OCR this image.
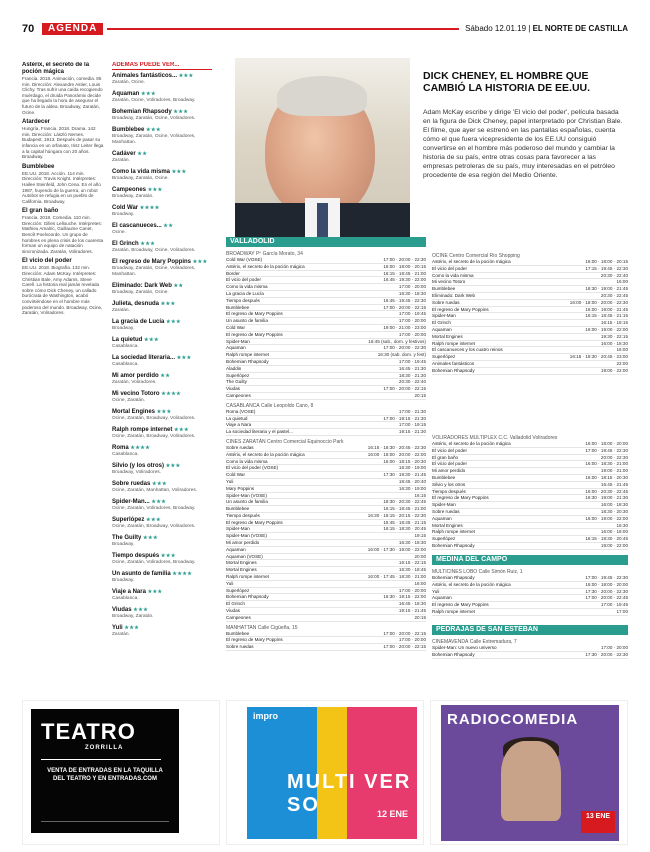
70	AGENDA	Sábado 12.01.19 | EL NORTE DE CASTILLA
Astérix, el secreto de la poción mágica
Francia. 2018. Animación, comedia. 85 min. Dirección: Alexandre Astier, Louis Clichy. Tras sufrir una caída recogiendo muérdago, el druida Panorámix decide que ha llegado la hora de asegurar el futuro de la aldea. Broadway, Zaratán, Ocine.
Atardecer
Hungría, Francia. 2018. Drama. 142 min. Dirección: László Nemes. Budapest, 1913. Después de pasar su infancia en un orfanato, Irisz Leiter llega a la capital húngara con 20 años. Broadway.
Bumblebee
EE.UU. 2018. Acción. 114 min. Dirección: Travis Knight. Intérpretes: Hailee Steinfeld, John Cena. En el año 1987, huyendo de la guerra, un robot Autobot se refugia en un pueblo de California. Broadway.
El gran baño
Francia. 2018. Comedia. 110 min. Dirección: Gilles Lellouche. Intérpretes: Mathieu Amalric, Guillaume Canet, Benoît Poelvoorde. Un grupo de hombres en plena crisis de los cuarenta forman un equipo de natación sincronizada. Zaratán, Voliradores.
El vicio del poder
EE.UU. 2018. Biografía. 132 min. Dirección: Adam McKay. Intérpretes: Christian Bale, Amy Adams, Steve Carell. La historia real jamás revelada sobre cómo Dick Cheney, un callado burócrata de Washington, acabó convirtiéndose en el hombre más poderoso del mundo. Broadway, Ocine, Zaratán, Voliradores.
ADEMÁS PUEDE VER...
Animales fantásticos... ★★★
Zaratán, Ocine.
Aquaman ★★★
Zaratán, Ocine, Voliradores, Broadway.
Bohemian Rhapsody ★★★
Broadway, Zaratán, Ocine, Voliradores.
Bumblebee ★★★
Broadway, Zaratán, Ocine, Voliradores, Manhattan.
Cadáver ★★
Zaratán.
Como la vida misma ★★★
Broadway, Zaratán, Ocine.
Campeones ★★★
Broadway, Zaratán.
Cold War ★★★★
Broadway.
El cascanueces... ★★
Ocine.
El Grinch ★★★
Zaratán, Broadway, Ocine, Voliradores.
El regreso de Mary Poppins ★★★
Broadway, Zaratán, Ocine, Voliradores, Manhattan.
Eliminado: Dark Web ★★
Broadway, Zaratán, Ocine.
Julieta, desnuda ★★★
Zaratán.
La gracia de Lucía ★★★
Broadway.
La quietud ★★★
Casablanca.
La sociedad literaria... ★★★
Casablanca.
Mi amor perdido ★★
Zaratán, Voliradores.
Mi vecino Totoro ★★★★
Ocine, Zaratán.
Mortal Engines ★★★
Ocine, Zaratán, Broadway, Voliradores.
Ralph rompe internet ★★★
Ocine, Zaratán, Broadway, Voliradores.
Roma ★★★★
Casablanca.
Silvio (y los otros) ★★★
Broadway, Voliradores.
Sobre ruedas ★★★
Ocine, Zaratán, Manhattan, Voliradores.
Spider-Man... ★★★
Ocine, Zaratán, Voliradores, Broadway.
Superlópez ★★★
Ocine, Zaratán, Broadway, Voliradores.
The Guilty ★★★
Broadway.
Tiempo después ★★★
Ocine, Zaratán, Voliradores, Broadway.
Un asunto de familia ★★★★
Broadway.
Viaje a Nara ★★★
Casablanca.
Viudas ★★★
Broadway, Zaratán.
Yuli ★★★
Zaratán.
DICK CHENEY, EL HOMBRE QUE CAMBIÓ LA HISTORIA DE EE.UU.
Adam McKay escribe y dirige 'El vicio del poder', película basada en la figura de Dick Cheney, papel interpretado por Christian Bale. El filme, que ayer se estrenó en las pantallas españolas, cuenta cómo el que fuera vicepresidente de los EE.UU consiguió convertirse en el hombre más poderoso del mundo y cambiar la historia de su país, entre otras cosas para favorecer a las empresas petroleras de su país, muy interesadas en el petróleo procedente de esa región del Medio Oriente.
VALLADOLID
BROADWAY Pº García Morato, 34
Cold War (VOSE)	17:00 · 20:00 · 22:30
Astérix, el secreto de la poción mágica	16:00 · 18:00 · 20:15
Border	16:15 · 18:45 · 21:00
El vicio del poder	16:45 · 19:30 · 22:00
Como la vida misma	17:00 · 20:00
La gracia de Lucía	16:30 · 18:30
Tiempo después	16:45 · 19:45 · 22:30
Bumblebee	17:00 · 20:00 · 22:15
El regreso de Mary Poppins	17:00 · 19:45
Un asunto de familia	17:00 · 20:00
Cold War	19:00 · 21:00 · 23:00
El regreso de Mary Poppins	17:00 · 20:00
Spider-Man	16:45 (sab., dom. y festivos)
Aquaman	17:00 · 20:00 · 22:30
Ralph rompe internet	16:30 (sab. dom. y fest)
Bohemian Rhapsody	17:00 · 19:45
Aladdin	16:45 · 21:30
Superlópez	18:30 · 21:30
The Guilty	20:30 · 22:40
Viudas	17:00 · 20:00 · 22:15
Campeones	20:15
CASABLANCA Calle Leopoldo Cano, 8
Roma (VOSE)	17:00 · 21:30
La quietud	17:00 · 19:15 · 21:30
Viaje a Nara	17:00 · 19:15
La sociedad literaria y el pastel...	19:15 · 21:30
CINES ZARATÁN Centro Comercial Equinoccio Park
Sobre ruedas	16:15 · 18:30 · 20:45 · 22:30
Astérix, el secreto de la poción mágica	16:00 · 18:00 · 20:00 · 22:00
Como la vida misma	16:00 · 18:15 · 20:30
El vicio del poder (VOSE)	16:30 · 19:00
Cold War	17:30 · 19:30 · 21:45
Yuli	18:45 · 20:40
Mary Poppins	16:30 · 19:00
Spider-Man (VOSE)	16:15
Un asunto de familia	18:30 · 20:30 · 22:45
Bumblebee	16:15 · 18:45 · 21:00
Tiempo después	16:30 · 18:15 · 20:15 · 22:30
El regreso de Mary Poppins	15:45 · 18:45 · 21:15
Spider-Man	16:15 · 18:30 · 20:45
Spider-Man (VOSE)	19:15
Mi amor perdido	16:30 · 18:30
Aquaman	16:00 · 17:30 · 19:00 · 22:00
Aquaman (VOSE)	20:00
Mortal Engines	16:15 · 22:15
Mortal Engines	16:30 · 18:45
Ralph rompe internet	16:00 · 17:45 · 18:30 · 21:00
Yuli	16:00
Superlópez	17:00 · 20:00
Bohemian Rhapsody	16:30 · 19:15 · 22:00
El Grinch	16:45 · 18:30
Viudas	19:15 · 21:45
Campeones	20:15
MANHATTAN Calle Cigüeña, 15
Bumblebee	17:00 · 20:00 · 22:15
El regreso de Mary Poppins	17:00 · 20:00
Sobre ruedas	17:00 · 20:00 · 22:15
OCINE Centro Comercial Río Shopping
Astérix, el secreto de la poción mágica	16:00 · 18:00 · 20:15
El vicio del poder	17:15 · 19:45 · 22:30
Como la vida misma	20:30 · 22:40
Mi vecino Totoro	16:00
Bumblebee	16:30 · 19:00 · 21:45
Eliminado: Dark Web	20:30 · 22:45
Sobre ruedas	16:00 · 18:00 · 20:00 · 22:30
El regreso de Mary Poppins	16:00 · 19:00 · 21:45
Spider-Man	16:15 · 18:45 · 21:15
El Grinch	16:15 · 18:15
Aquaman	16:00 · 19:00 · 22:00
Mortal Engines	19:30 · 22:15
Ralph rompe internet	16:00 · 18:30
El cascanueces y los cuatro reinos	16:00
Superlópez	16:15 · 18:30 · 20:45 · 23:00
Animales fantásticos	22:00
Bohemian Rhapsody	19:00 · 22:00
VOLIRADORES MULTIPLEX C.C. Valladolid Voliradores
Astérix, el secreto de la poción mágica	16:00 · 18:00 · 20:00
El vicio del poder	17:00 · 19:45 · 22:30
El gran baño	20:00 · 22:30
El vicio del poder	16:00 · 18:30 · 21:00
Mi amor perdido	19:00 · 21:00
Bumblebee	16:00 · 18:15 · 20:30
Silvio y los otros	16:45 · 21:45
Tiempo después	16:00 · 20:30 · 22:45
El regreso de Mary Poppins	16:30 · 19:00 · 21:30
Spider-Man	16:00 · 18:30
Sobre ruedas	18:30 · 20:30
Aquaman	16:00 · 19:00 · 22:00
Mortal Engines	16:30
Ralph rompe internet	16:00 · 18:00
Superlópez	16:15 · 18:30 · 20:45
Bohemian Rhapsody	19:00 · 22:00
MEDINA DEL CAMPO
MULTICINES LOBO Calle Simón Ruiz, 1
Bohemian Rhapsody	17:00 · 19:45 · 22:30
Astérix, el secreto de la poción mágica	16:00 · 18:00 · 20:00
Yuli	17:30 · 20:00 · 22:30
Aquaman	17:00 · 20:00 · 22:45
El regreso de Mary Poppins	17:00 · 19:45
Ralph rompe internet	17:00
PEDRAJAS DE SAN ESTEBAN
CINEMAVENDA Calle Extremadura, 7
Spider-Man: Un nuevo universo	17:00 · 20:00
Bohemian Rhapsody	17:30 · 20:00 · 22:30
TEATRO
ZORRILLA
VENTA DE ENTRADAS EN LA TAQUILLA DEL TEATRO Y EN ENTRADAS.COM
impro
MULTI VER SO	12 ENE
RADIOCOMEDIA
13 ENE
